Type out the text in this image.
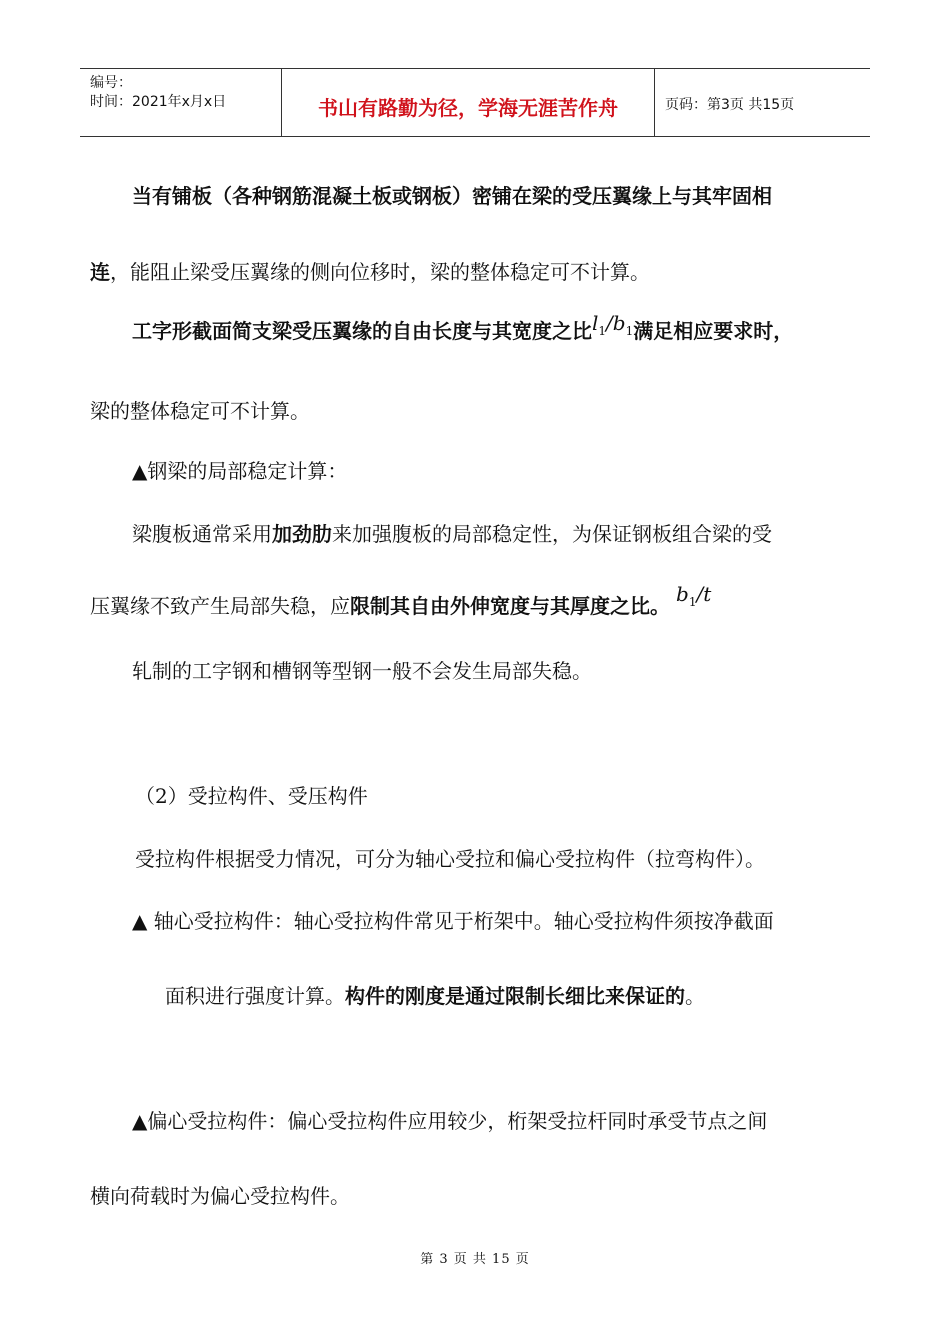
编号：
时间：2021年x月x日	书山有路勤为径，学海无涯苦作舟	页码：第3页 共15页
当有铺板（各种钢筋混凝土板或钢板）密铺在梁的受压翼缘上与其牢固相
连，能阻止梁受压翼缘的侧向位移时，梁的整体稳定可不计算。
工字形截面简支梁受压翼缘的自由长度与其宽度之比$l_1/b_1$满足相应要求时，
梁的整体稳定可不计算。
▲钢梁的局部稳定计算：
梁腹板通常采用加劲肋来加强腹板的局部稳定性，为保证钢板组合梁的受
压翼缘不致产生局部失稳，应限制其自由外伸宽度与其厚度之比。 $b_1/t$
轧制的工字钢和槽钢等型钢一般不会发生局部失稳。
（2）受拉构件、受压构件
受拉构件根据受力情况，可分为轴心受拉和偏心受拉构件（拉弯构件）。
▲ 轴心受拉构件：轴心受拉构件常见于桁架中。轴心受拉构件须按净截面
面积进行强度计算。构件的刚度是通过限制长细比来保证的。
▲偏心受拉构件：偏心受拉构件应用较少，桁架受拉杆同时承受节点之间
横向荷载时为偏心受拉构件。
第 3 页 共 15 页
